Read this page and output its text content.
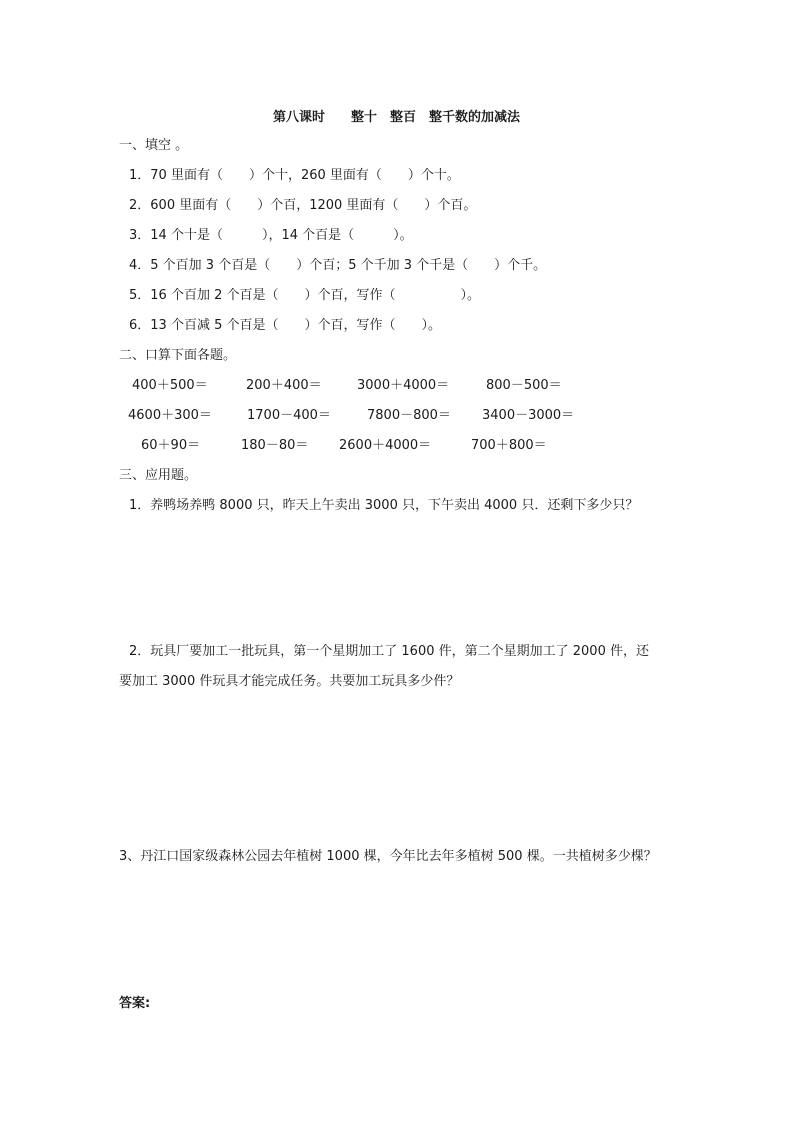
第八课时　　整十　整百　整千数的加减法
一、填空 。
1．70 里面有（　　）个十，260 里面有（　　）个十。
2．600 里面有（　　）个百，1200 里面有（　　）个百。
3．14 个十是（　　　），14 个百是（　　　）。
4．5 个百加 3 个百是（　　）个百；5 个千加 3 个千是（　　）个千。
5．16 个百加 2 个百是（　　）个百，写作（　　　　　）。
6．13 个百减 5 个百是（　　）个百，写作（　　）。
二、口算下面各题。
400＋500＝	200＋400＝	3000＋4000＝	800－500＝
4600＋300＝	1700－400＝	7800－800＝ 3400－3000＝
60＋90＝	180－80＝ 2600＋4000＝	700＋800＝
三、应用题。
1．养鸭场养鸭 8000 只，昨天上午卖出 3000 只，下午卖出 4000 只．还剩下多少只？
2．玩具厂要加工一批玩具，第一个星期加工了 1600 件，第二个星期加工了 2000 件，还
要加工 3000 件玩具才能完成任务。共要加工玩具多少件？
3、丹江口国家级森林公园去年植树 1000 棵，今年比去年多植树 500 棵。一共植树多少棵？
答案:
